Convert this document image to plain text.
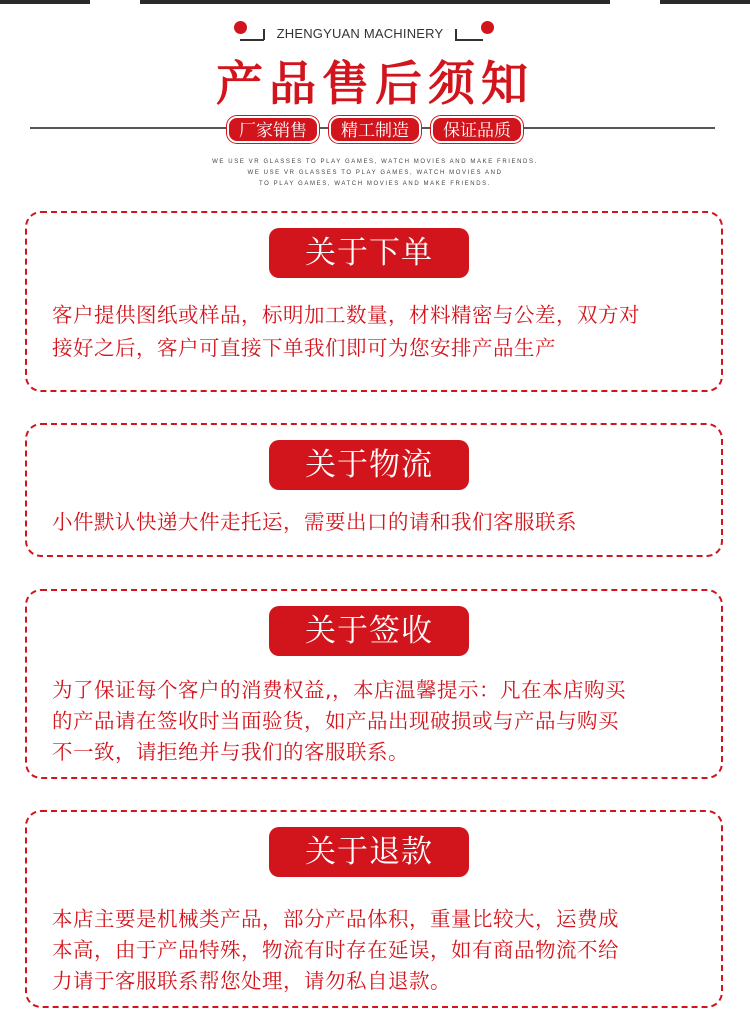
ZHENGYUAN MACHINERY
产品售后须知
厂家销售	精工制造	保证品质
WE USE VR GLASSES TO PLAY GAMES, WATCH MOVIES AND MAKE FRIENDS.
WE USE VR GLASSES TO PLAY GAMES, WATCH MOVIES AND
TO PLAY GAMES, WATCH MOVIES AND MAKE FRIENDS.
关于下单
客户提供图纸或样品，标明加工数量，材料精密与公差，双方对
接好之后，客户可直接下单我们即可为您安排产品生产
关于物流
小件默认快递大件走托运，需要出口的请和我们客服联系
关于签收
为了保证每个客户的消费权益,，本店温馨提示：凡在本店购买
的产品请在签收时当面验货，如产品出现破损或与产品与购买
不一致，请拒绝并与我们的客服联系。
关于退款
本店主要是机械类产品，部分产品体积，重量比较大，运费成
本高，由于产品特殊，物流有时存在延误，如有商品物流不给
力请于客服联系帮您处理，请勿私自退款。
